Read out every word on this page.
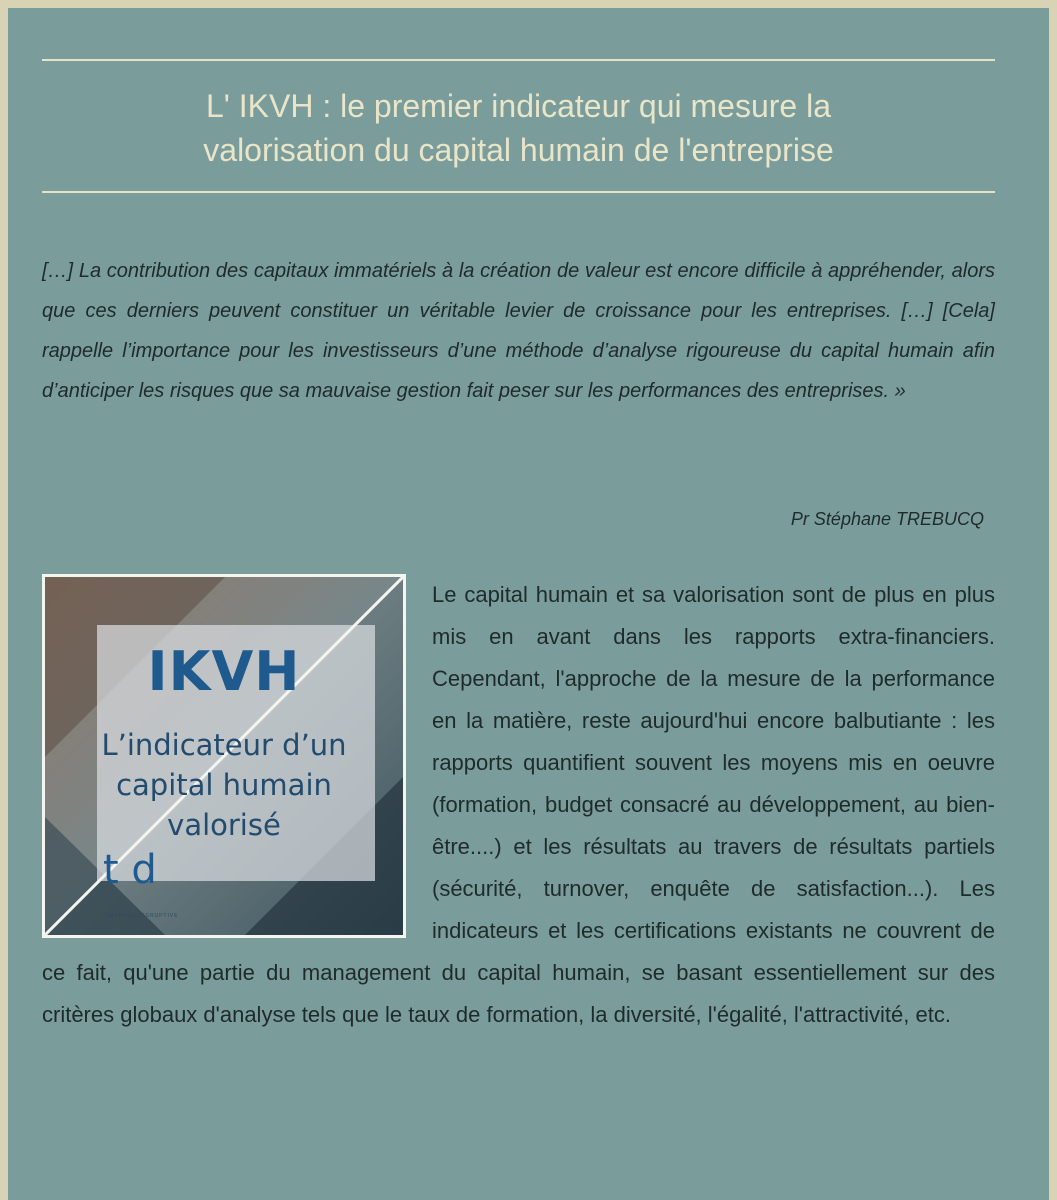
L' IKVH : le premier indicateur qui mesure la
valorisation du capital humain de l'entreprise

[…] La contribution des capitaux immatériels à la création de valeur est encore difficile à appréhender, alors que ces derniers peuvent constituer un véritable levier de croissance pour les entreprises. […] [Cela] rappelle l’importance pour les investisseurs d’une méthode d’analyse rigoureuse du capital humain afin d’anticiper les risques que sa mauvaise gestion fait peser sur les performances des entreprises. »

Pr Stéphane TREBUCQ
IKVH
L’indicateur d’un
capital humain
valorisé
t d
TALENTS DISRUPTIVE
Le capital humain et sa valorisation sont de plus en plus mis en avant dans les rapports extra-financiers. Cependant, l'approche de la mesure de la performance en la matière, reste aujourd'hui encore balbutiante : les rapports quantifient souvent les moyens mis en oeuvre (formation, budget consacré au développement, au bien-être....) et les résultats au travers de résultats partiels (sécurité, turnover, enquête de satisfaction...). Les indicateurs et les certifications existants ne couvrent de ce fait, qu'une partie du management du capital humain, se basant essentiellement sur des critères globaux d'analyse tels que le taux de formation, la diversité, l'égalité, l'attractivité, etc.
